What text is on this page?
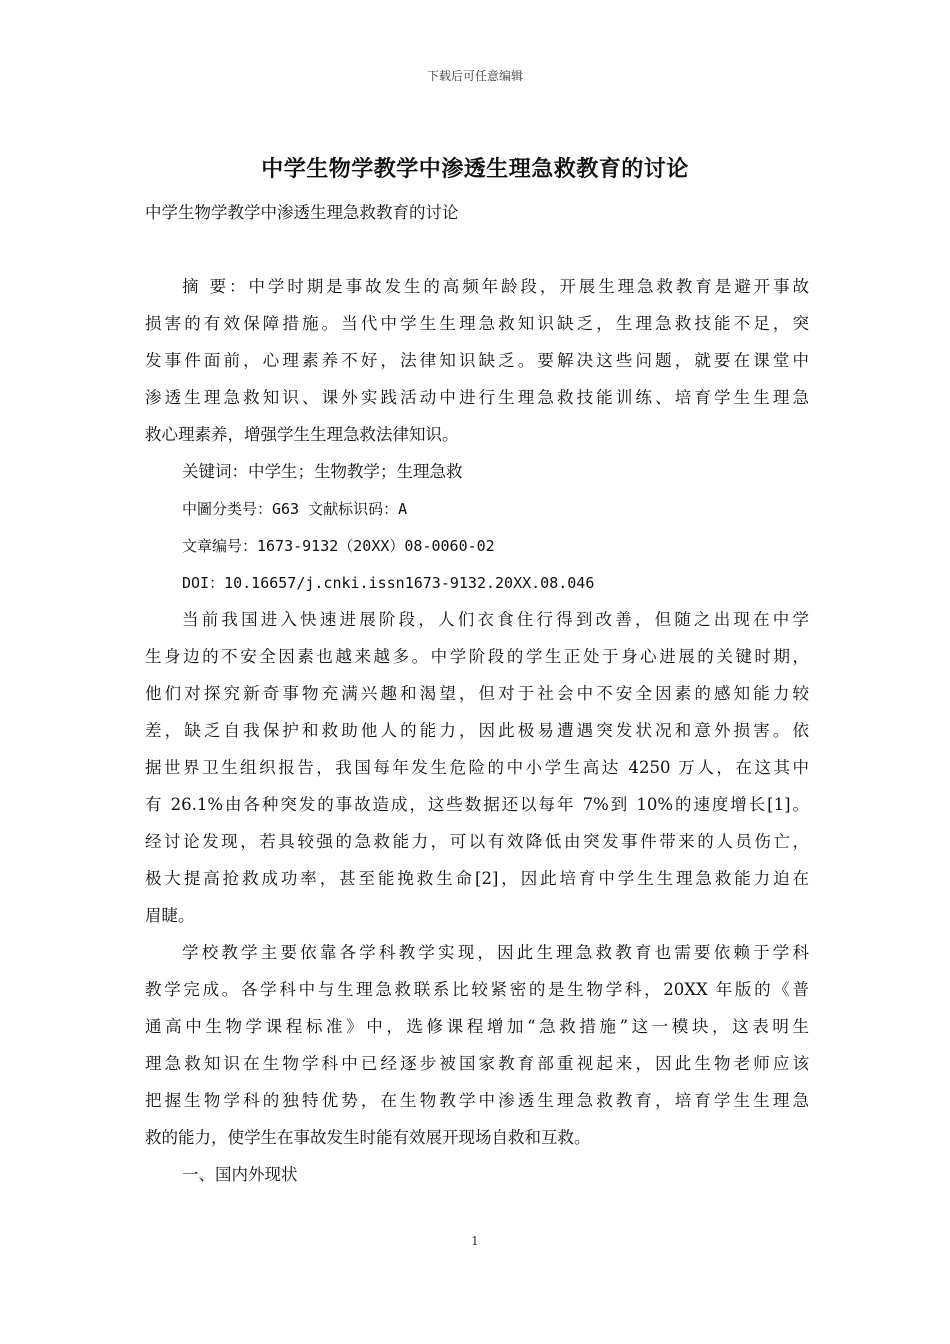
下载后可任意编辑
中学生物学教学中渗透生理急救教育的讨论
中学生物学教学中渗透生理急救教育的讨论
摘 要：中学时期是事故发生的高频年龄段，开展生理急救教育是避开事故
损害的有效保障措施。当代中学生生理急救知识缺乏，生理急救技能不足，突
发事件面前，心理素养不好，法律知识缺乏。要解决这些问题，就要在课堂中
渗透生理急救知识、课外实践活动中进行生理急救技能训练、培育学生生理急
救心理素养，增强学生生理急救法律知识。
关键词：中学生；生物教学；生理急救
中圖分类号：G63 文献标识码：A
文章编号：1673-9132（20XX）08-0060-02
DOI：10.16657/j.cnki.issn1673-9132.20XX.08.046
当前我国进入快速进展阶段，人们衣食住行得到改善，但随之出现在中学
生身边的不安全因素也越来越多。中学阶段的学生正处于身心进展的关键时期，
他们对探究新奇事物充满兴趣和渴望，但对于社会中不安全因素的感知能力较
差，缺乏自我保护和救助他人的能力，因此极易遭遇突发状况和意外损害。依
据世界卫生组织报告，我国每年发生危险的中小学生高达 4250 万人，在这其中
有 26.1%由各种突发的事故造成，这些数据还以每年 7%到 10%的速度增长[1]。
经讨论发现，若具较强的急救能力，可以有效降低由突发事件带来的人员伤亡，
极大提高抢救成功率，甚至能挽救生命[2]，因此培育中学生生理急救能力迫在
眉睫。
学校教学主要依靠各学科教学实现，因此生理急救教育也需要依赖于学科
教学完成。各学科中与生理急救联系比较紧密的是生物学科，20XX 年版的《普
通高中生物学课程标准》中，选修课程增加“急救措施”这一模块，这表明生
理急救知识在生物学科中已经逐步被国家教育部重视起来，因此生物老师应该
把握生物学科的独特优势，在生物教学中渗透生理急救教育，培育学生生理急
救的能力，使学生在事故发生时能有效展开现场自救和互救。
一、国内外现状
1
